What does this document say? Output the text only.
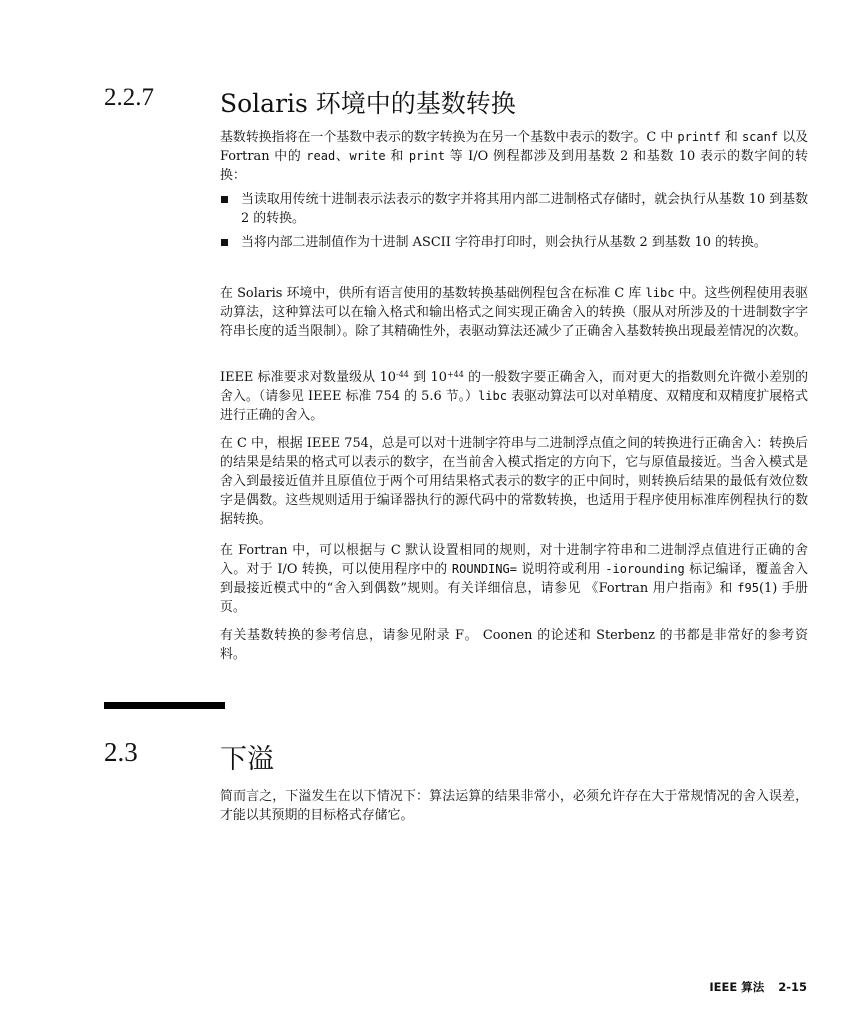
2.2.7	Solaris 环境中的基数转换

基数转换指将在一个基数中表示的数字转换为在另一个基数中表示的数字。C 中 printf 和 scanf 以及 Fortran 中的 read、write 和 print 等 I/O 例程都涉及到用基数 2 和基数 10 表示的数字间的转换：

当读取用传统十进制表示法表示的数字并将其用内部二进制格式存储时，就会执行从基数 10 到基数 2 的转换。
当将内部二进制值作为十进制 ASCII 字符串打印时，则会执行从基数 2 到基数 10 的转换。

在 Solaris 环境中，供所有语言使用的基数转换基础例程包含在标准 C 库 libc 中。这些例程使用表驱动算法，这种算法可以在输入格式和输出格式之间实现正确舍入的转换（服从对所涉及的十进制数字字符串长度的适当限制）。除了其精确性外，表驱动算法还减少了正确舍入基数转换出现最差情况的次数。

IEEE 标准要求对数量级从 $10^{-44}$ 到 $10^{+44}$ 的一般数字要正确舍入，而对更大的指数则允许微小差别的舍入。（请参见 IEEE 标准 754 的 5.6 节。）libc 表驱动算法可以对单精度、双精度和双精度扩展格式进行正确的舍入。

在 C 中，根据 IEEE 754，总是可以对十进制字符串与二进制浮点值之间的转换进行正确舍入：转换后的结果是结果的格式可以表示的数字，在当前舍入模式指定的方向下，它与原值最接近。当舍入模式是舍入到最接近值并且原值位于两个可用结果格式表示的数字的正中间时，则转换后结果的最低有效位数字是偶数。这些规则适用于编译器执行的源代码中的常数转换，也适用于程序使用标准库例程执行的数据转换。

在 Fortran 中，可以根据与 C 默认设置相同的规则，对十进制字符串和二进制浮点值进行正确的舍入。对于 I/O 转换，可以使用程序中的 ROUNDING= 说明符或利用 -iorounding 标记编译，覆盖舍入到最接近模式中的“舍入到偶数”规则。有关详细信息，请参见 《Fortran 用户指南》和 f95(1) 手册页。

有关基数转换的参考信息，请参见附录 F。 Coonen 的论述和 Sterbenz 的书都是非常好的参考资料。

2.3	下溢

简而言之，下溢发生在以下情况下：算法运算的结果非常小，必须允许存在大于常规情况的舍入误差，才能以其预期的目标格式存储它。

IEEE 算法 2-15
